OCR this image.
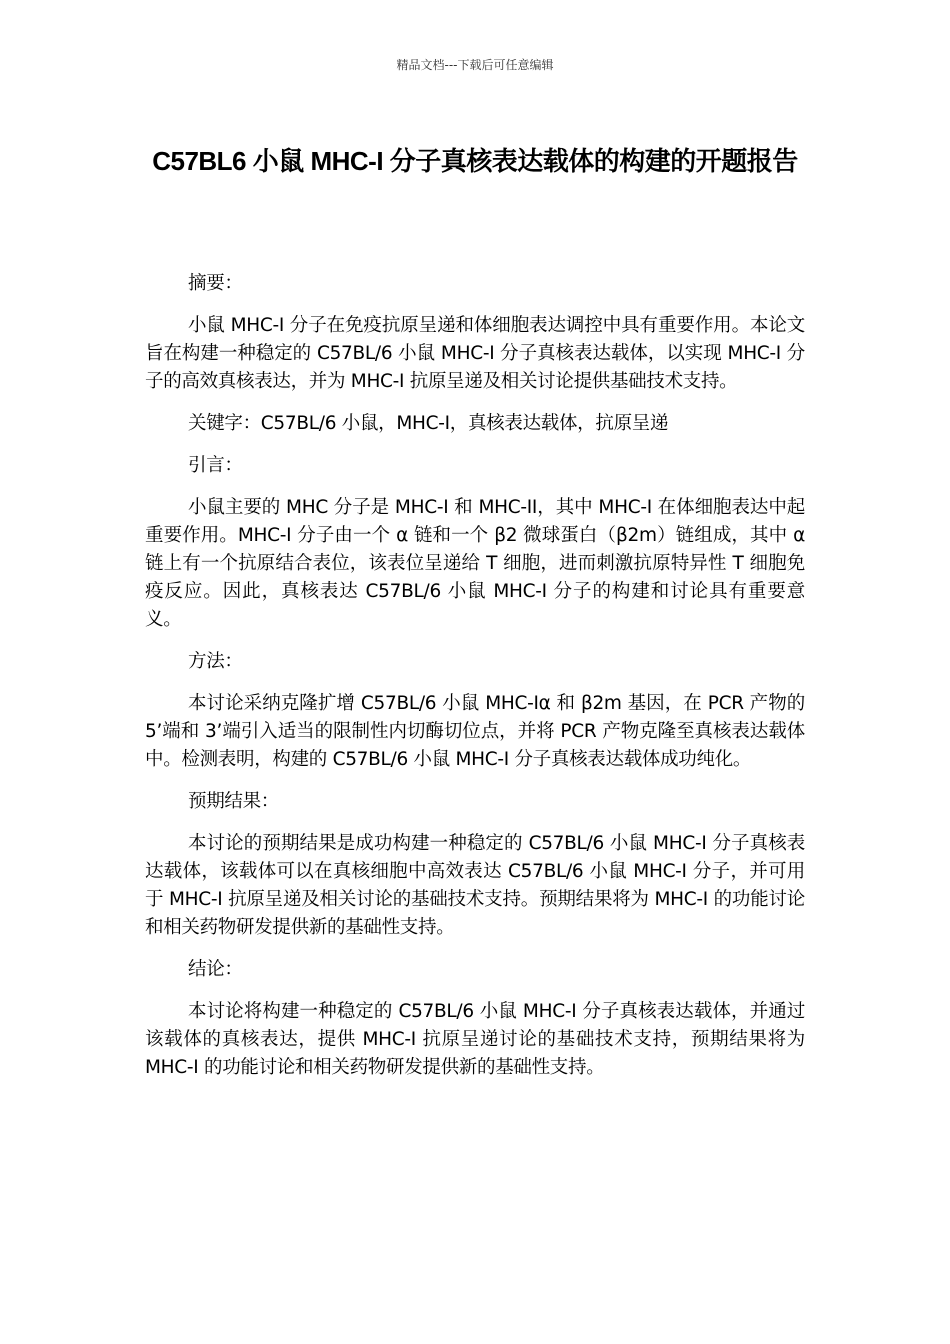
精品文档---下载后可任意编辑
C57BL6 小鼠 MHC-I 分子真核表达载体的构建的开题报告

摘要：

小鼠 MHC-I 分子在免疫抗原呈递和体细胞表达调控中具有重要作用。本论文旨在构建一种稳定的 C57BL/6 小鼠 MHC-I 分子真核表达载体，以实现 MHC-I 分子的高效真核表达，并为 MHC-I 抗原呈递及相关讨论提供基础技术支持。

关键字：C57BL/6 小鼠，MHC-I，真核表达载体，抗原呈递

引言：

小鼠主要的 MHC 分子是 MHC-I 和 MHC-II，其中 MHC-I 在体细胞表达中起重要作用。MHC-I 分子由一个 α 链和一个 β2 微球蛋白（β2m）链组成，其中 α 链上有一个抗原结合表位，该表位呈递给 T 细胞，进而刺激抗原特异性 T 细胞免疫反应。因此，真核表达 C57BL/6 小鼠 MHC-I 分子的构建和讨论具有重要意义。

方法：

本讨论采纳克隆扩增 C57BL/6 小鼠 MHC-Iα 和 β2m 基因，在 PCR 产物的 5’端和 3’端引入适当的限制性内切酶切位点，并将 PCR 产物克隆至真核表达载体中。检测表明，构建的 C57BL/6 小鼠 MHC-I 分子真核表达载体成功纯化。

预期结果：

本讨论的预期结果是成功构建一种稳定的 C57BL/6 小鼠 MHC-I 分子真核表达载体，该载体可以在真核细胞中高效表达 C57BL/6 小鼠 MHC-I 分子，并可用于 MHC-I 抗原呈递及相关讨论的基础技术支持。预期结果将为 MHC-I 的功能讨论和相关药物研发提供新的基础性支持。

结论：

本讨论将构建一种稳定的 C57BL/6 小鼠 MHC-I 分子真核表达载体，并通过该载体的真核表达，提供 MHC-I 抗原呈递讨论的基础技术支持，预期结果将为 MHC-I 的功能讨论和相关药物研发提供新的基础性支持。
